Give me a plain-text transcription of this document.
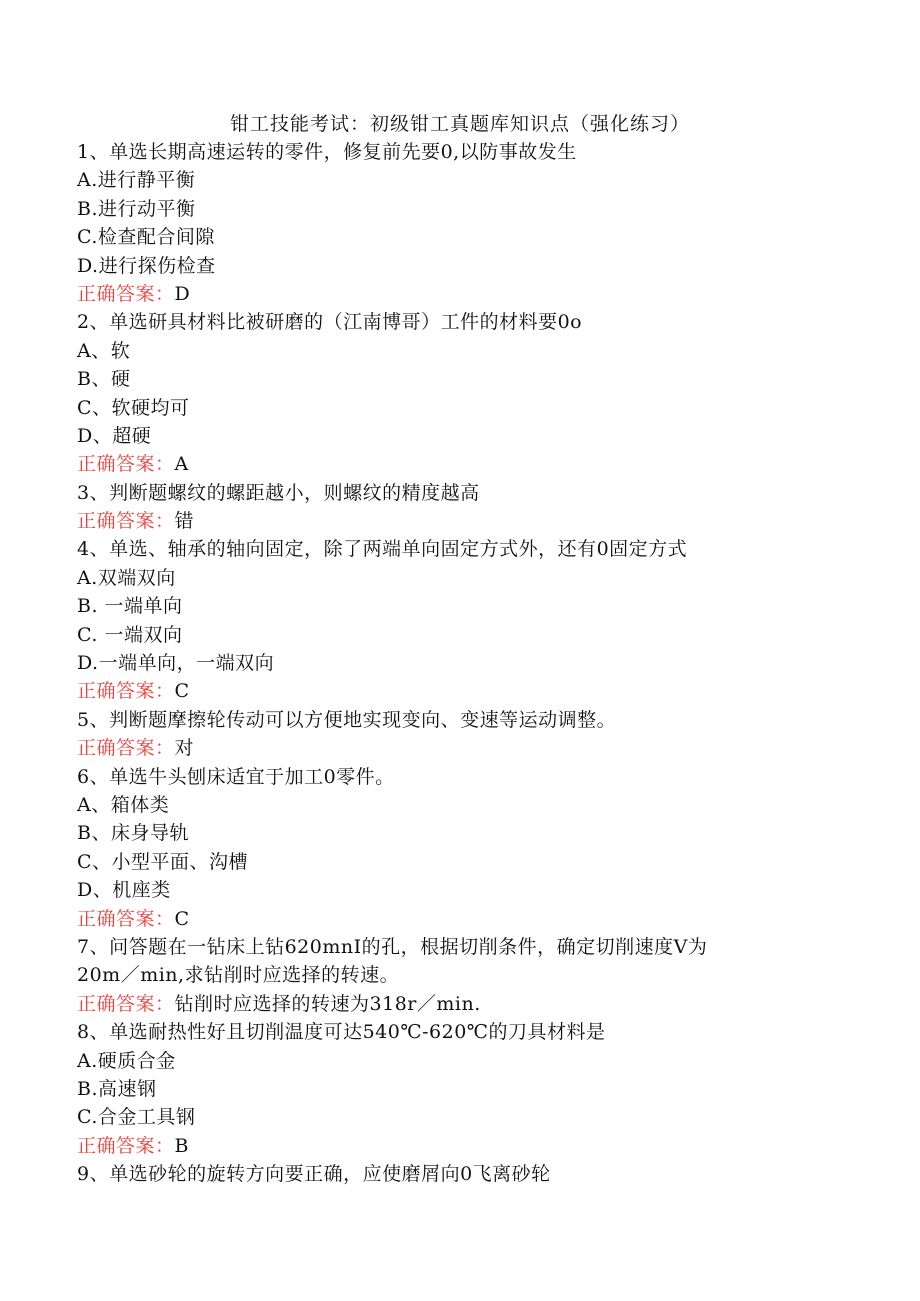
钳工技能考试：初级钳工真题库知识点（强化练习）
1、单选长期高速运转的零件，修复前先要0,以防事故发生
A.进行静平衡
B.进行动平衡
C.检查配合间隙
D.进行探伤检查
正确答案：D
2、单选研具材料比被研磨的（江南博哥）工件的材料要0o
A、软
B、硬
C、软硬均可
D、超硬
正确答案：A
3、判断题螺纹的螺距越小，则螺纹的精度越高
正确答案：错
4、单选、轴承的轴向固定，除了两端单向固定方式外，还有0固定方式
A.双端双向
B. 一端单向
C. 一端双向
D.一端单向，一端双向
正确答案：C
5、判断题摩擦轮传动可以方便地实现变向、变速等运动调整。
正确答案：对
6、单选牛头刨床适宜于加工0零件。
A、箱体类
B、床身导轨
C、小型平面、沟槽
D、机座类
正确答案：C
7、问答题在一钻床上钻620mnI的孔，根据切削条件，确定切削速度V为
20m／min,求钻削时应选择的转速。
正确答案：钻削时应选择的转速为318r／min.
8、单选耐热性好且切削温度可达540℃-620℃的刀具材料是
A.硬质合金
B.高速钢
C.合金工具钢
正确答案：B
9、单选砂轮的旋转方向要正确，应使磨屑向0飞离砂轮
